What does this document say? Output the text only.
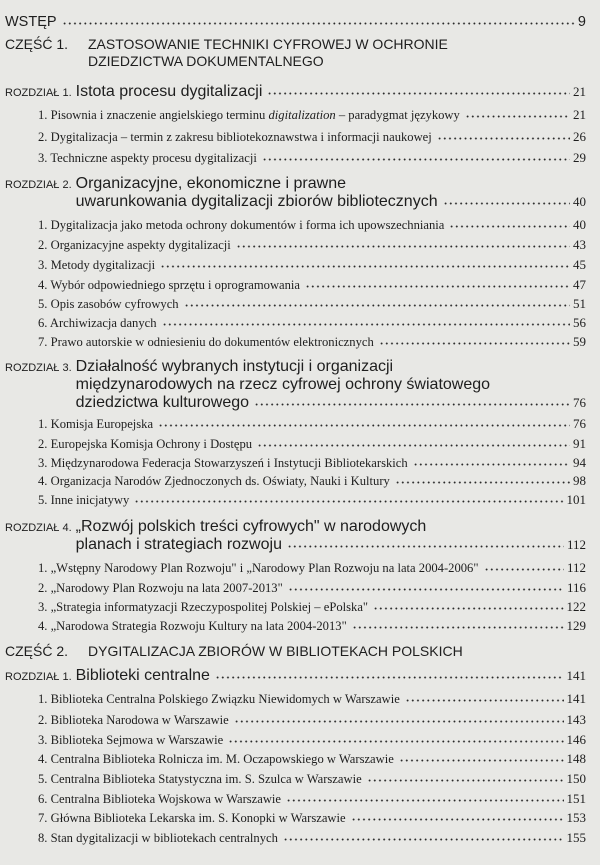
WSTĘP	9
CZĘŚĆ 1.	ZASTOSOWANIE TECHNIKI CYFROWEJ W OCHRONIE
DZIEDZICTWA DOKUMENTALNEGO
ROZDZIAŁ 1. Istota procesu dygitalizacji	21
1. Pisownia i znaczenie angielskiego terminu digitalization – paradygmat językowy	21
2. Dygitalizacja – termin z zakresu bibliotekoznawstwa i informacji naukowej	26
3. Techniczne aspekty procesu dygitalizacji	29
ROZDZIAŁ 2. Organizacyjne, ekonomiczne i prawne
uwarunkowania dygitalizacji zbiorów bibliotecznych	40
1. Dygitalizacja jako metoda ochrony dokumentów i forma ich upowszechniania	40
2. Organizacyjne aspekty dygitalizacji	43
3. Metody dygitalizacji	45
4. Wybór odpowiedniego sprzętu i oprogramowania	47
5. Opis zasobów cyfrowych	51
6. Archiwizacja danych	56
7. Prawo autorskie w odniesieniu do dokumentów elektronicznych	59
ROZDZIAŁ 3. Działalność wybranych instytucji i organizacji
międzynarodowych na rzecz cyfrowej ochrony światowego
dziedzictwa kulturowego	76
1. Komisja Europejska	76
2. Europejska Komisja Ochrony i Dostępu	91
3. Międzynarodowa Federacja Stowarzyszeń i Instytucji Bibliotekarskich	94
4. Organizacja Narodów Zjednoczonych ds. Oświaty, Nauki i Kultury	98
5. Inne inicjatywy	101
ROZDZIAŁ 4. „Rozwój polskich treści cyfrowych" w narodowych
planach i strategiach rozwoju	112
1. „Wstępny Narodowy Plan Rozwoju" i „Narodowy Plan Rozwoju na lata 2004-2006"	112
2. „Narodowy Plan Rozwoju na lata 2007-2013"	116
3. „Strategia informatyzacji Rzeczypospolitej Polskiej – ePolska"	122
4. „Narodowa Strategia Rozwoju Kultury na lata 2004-2013"	129
CZĘŚĆ 2.	DYGITALIZACJA ZBIORÓW W BIBLIOTEKACH POLSKICH
ROZDZIAŁ 1. Biblioteki centralne	141
1. Biblioteka Centralna Polskiego Związku Niewidomych w Warszawie	141
2. Biblioteka Narodowa w Warszawie	143
3. Biblioteka Sejmowa w Warszawie	146
4. Centralna Biblioteka Rolnicza im. M. Oczapowskiego w Warszawie	148
5. Centralna Biblioteka Statystyczna im. S. Szulca w Warszawie	150
6. Centralna Biblioteka Wojskowa w Warszawie	151
7. Główna Biblioteka Lekarska im. S. Konopki w Warszawie	153
8. Stan dygitalizacji w bibliotekach centralnych	155
